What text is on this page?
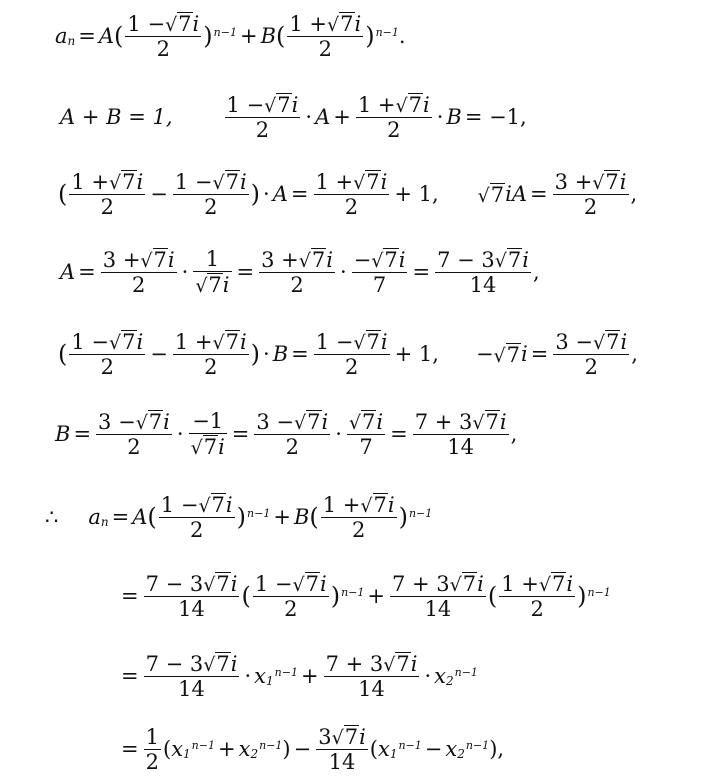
a n = A ( $\frac{1 - √ 7 i}{2}$ ) n−1 + B ( $\frac{1 + √ 7 i}{2}$ ) n−1 .
A + B = 1, $\frac{1 - √ 7 i}{2} \cdot A + \frac{1 + √ 7 i}{2} \cdot B = -1$,
( $\frac{1 + √ 7 i}{2} - \frac{1 - √ 7 i}{2}$ ) · $A = \frac{1 + √ 7 i}{2} + 1$, √ 7 i $A = \frac{3 + √ 7 i}{2}$ ,
$A = \frac{3 + √ 7 i}{2} \cdot \frac{1}{√ 7 i} = \frac{3 + √ 7 i}{2} \cdot \frac{- √ 7 i}{7} = \frac{7 - 3 √ 7 i}{14}$ ,
( $\frac{1 - √ 7 i}{2} - \frac{1 + √ 7 i}{2}$ ) · $B = \frac{1 - √ 7 i}{2} + 1$, − √ 7 $i = \frac{3 - √ 7 i}{2}$ ,
$B = \frac{3 - √ 7 i}{2} \cdot \frac{-1}{√ 7 i} = \frac{3 - √ 7 i}{2} \cdot \frac{√ 7 i}{7} = \frac{7 + 3 √ 7 i}{14}$ ,
∴ a n = A ( $\frac{1 - √ 7 i}{2}$ ) n−1 + B ( $\frac{1 + √ 7 i}{2}$ ) n−1
= $\frac{7 - 3 √ 7 i}{14}$ ( $\frac{1 - √ 7 i}{2}$ ) $n-1 + \frac{7 + 3 √ 7 i}{14}$ ( $\frac{1 + √ 7 i}{2}$ ) n−1
= $\frac{7 - 3 √ 7 i}{14} \cdot x$ 1
$n-1 + \frac{7 + 3 √ 7 i}{14} \cdot x$ 2
n−1
= $\frac{1}{2}$ ( x 1
n−1 + x 2
n−1 ) − $\frac{3 √ 7 i}{14}$ ( x 1
n−1 − x 2
n−1 ) ,
